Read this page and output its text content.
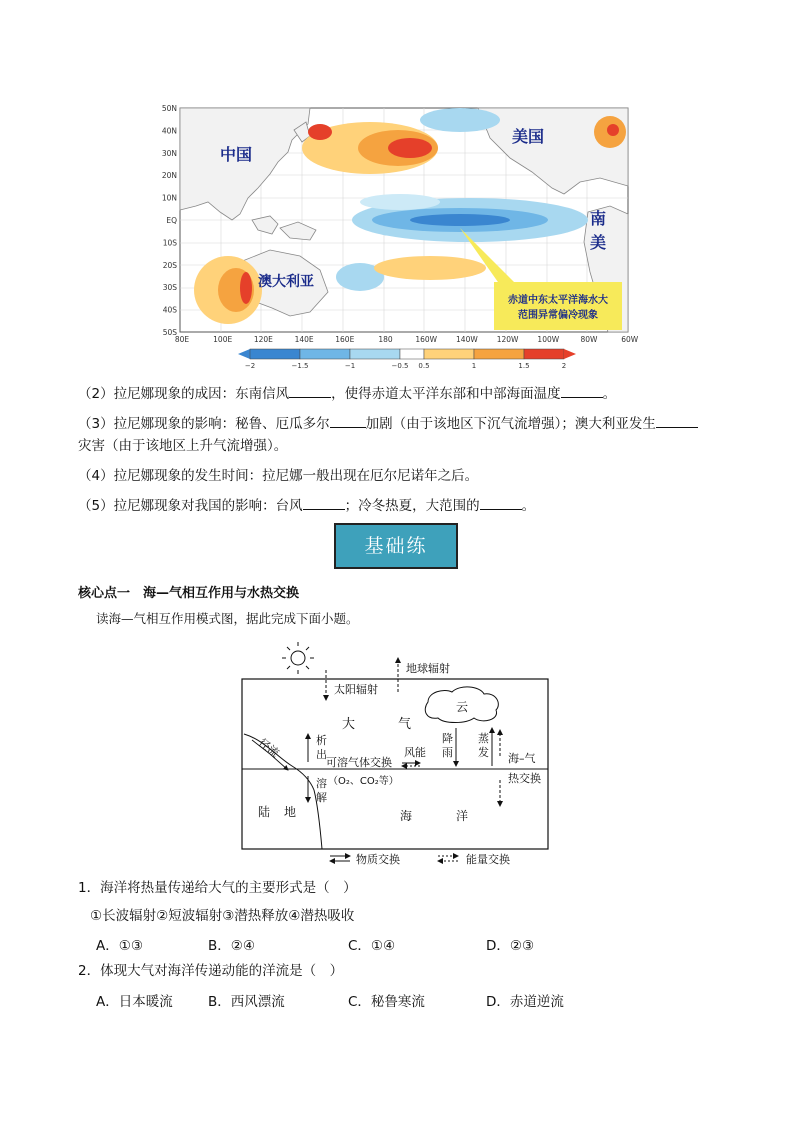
赤道中东太平洋海水大
范围异常偏冷现象
中国
美国
南
美
澳大利亚
50N
40N
30N
20N
10N
EQ
10S
20S
30S
40S
50S
80E	100E	120E	140E	160E	180	160W	140W	120W	100W	80W	60W
−2	−1.5	−1	−0.5 0.5	1	1.5	2
（2）拉尼娜现象的成因：东南信风	，使得赤道太平洋东部和中部海面温度	。
（3）拉尼娜现象的影响：秘鲁、厄瓜多尔	加剧（由于该地区下沉气流增强）；澳大利亚发生
灾害（由于该地区上升气流增强）。
（4）拉尼娜现象的发生时间：拉尼娜一般出现在厄尔尼诺年之后。
（5）拉尼娜现象对我国的影响：台风	；冷冬热夏，大范围的	。
基础练
核心点一　海—气相互作用与水热交换
读海—气相互作用模式图，据此完成下面小题。
地球辐射
太阳辐射
云
大	气
径流	析
出
溶
解
可溶气体交换
（O₂、CO₂等）
风能
降
雨
蒸
发 海–气
热交换
陆 地	海	洋
物质交换	能量交换
1．海洋将热量传递给大气的主要形式是（　）
①长波辐射②短波辐射③潜热释放④潜热吸收
A．①③	B．②④	C．①④	D．②③
2．体现大气对海洋传递动能的洋流是（　）
A．日本暖流	B．西风漂流	C．秘鲁寒流	D．赤道逆流
